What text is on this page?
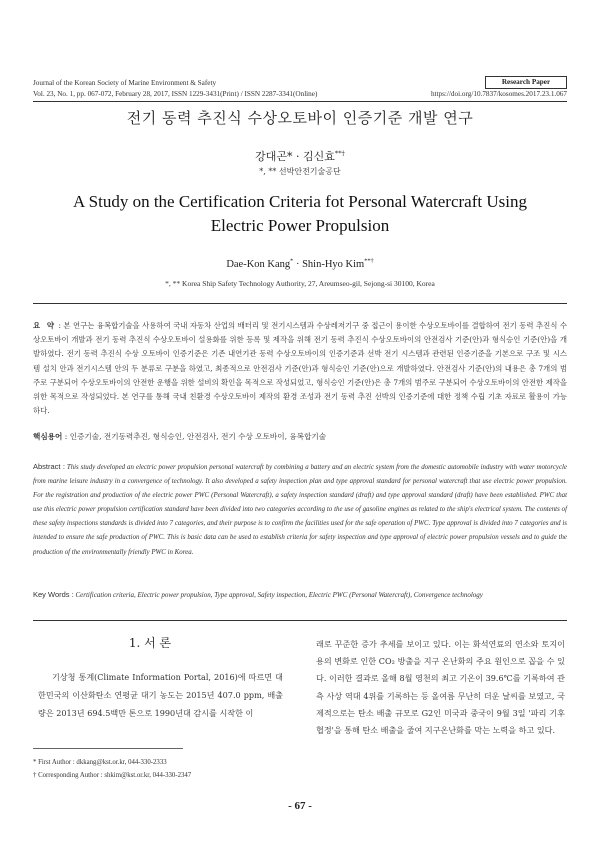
Journal of the Korean Society of Marine Environment & Safety	Research Paper
Vol. 23, No. 1, pp. 067-072, February 28, 2017, ISSN 1229-3431(Print) / ISSN 2287-3341(Online)	https://doi.org/10.7837/kosomes.2017.23.1.067
전기 동력 추진식 수상오토바이 인증기준 개발 연구
강대곤* · 김신효**†
*, ** 선박안전기술공단
A Study on the Certification Criteria fot Personal Watercraft Using Electric Power Propulsion
Dae-Kon Kang* · Shin-Hyo Kim**†
*, ** Korea Ship Safety Technology Authority, 27, Areumseo-gil, Sejong-si 30100, Korea
요 약 : 본 연구는 융복합기술을 사용하여 국내 자동차 산업의 배터리 및 전기시스템과 수상레저기구 중 접근이 용이한 수상오토바이를 결합하여 전기 동력 추진식 수상오토바이 개발과 전기 동력 추진식 수상오토바이 설용화를 위한 등록 및 제작을 위해 전기 동력 추진식 수상오토바이의 안전검사 기준(안)과 형식승인 기준(안)을 개발하였다. 전기 동력 추진식 수상 오토바이 인증기준은 기존 내연기관 동력 수상오토바이의 인증기준과 선박 전기 시스템과 관련된 인증기준을 기본으로 구조 및 시스템 설치 안과 전기시스템 안의 두 분류로 구분을 하였고, 최종적으로 안전검사 기준(안)과 형식승인 기준(안)으로 개발하였다. 안전검사 기준(안)의 내용은 총 7개의 범주로 구분되어 수상오토바이의 안전한 운행을 위한 설비의 확인을 목적으로 작성되었고, 형식승인 기준(안)은 총 7개의 범주로 구분되어 수상오토바이의 안전한 제작을 위한 목적으로 작성되었다. 본 연구를 통해 국내 친환경 수상오토바이 제작의 환경 조성과 전기 동력 추진 선박의 인증기준에 대한 정책 수립 기초 자료로 활용이 가능하다.
핵심용어 : 인증기술, 전기동력추진, 형식승인, 안전검사, 전기 수상 오토바이, 융복합기술
Abstract : This study developed an electric power propulsion personal watercraft by combining a battery and an electric system from the domestic automobile industry with water motorcycle from marine leisure industry in a convergence of technology. It also developed a safety inspection plan and type approval standard for personal watercraft that use electric power propulsion. For the registration and production of the electric power PWC (Personal Watercraft), a safety inspection standard (draft) and type approval standard (draft) have been established. PWC that use this electric power propulsion certification standard have been divided into two categories according to the use of gasoline engines as related to the ship's electrical system. The contents of these safety inspections standards is divided into 7 categories, and their purpose is to confirm the facilities used for the safe operation of PWC. Type approval is divided into 7 categories and is intended to ensure the safe production of PWC. This is basic data can be used to establish criteria for safety inspection and type approval of electric power propulsion vessels and to guide the production of the environmentally friendly PWC in Korea.
Key Words : Certification criteria, Electric power propulsion, Type approval, Safety inspection, Electric PWC (Personal Watercraft), Convergence technology
1. 서 론
기상청 통계(Climate Information Portal, 2016)에 따르면 대한민국의 이산화탄소 연평균 대기 농도는 2015년 407.0 ppm, 배출량은 2013년 694.5백만 톤으로 1990년대 감시를 시작한 이
래로 꾸준한 증가 추세를 보이고 있다. 이는 화석연료의 연소와 토지이용의 변화로 인한 CO₂ 방출을 지구 온난화의 주요 원인으로 꼽을 수 있다. 이러한 결과로 올해 8월 영천의 최고 기온이 39.6℃를 기록하여 관측 사상 역대 4위를 기록하는 등 올여름 무난히 더운 날씨를 보였고, 국제적으로는 탄소 배출 규모로 G2인 미국과 중국이 9월 3일 '파리 기후협정'을 통해 탄소 배출을 줄여 지구온난화를 막는 노력을 하고 있다.
* First Author : dkkang@kst.or.kr, 044-330-2333
† Corresponding Author : shkim@kst.or.kr, 044-330-2347
- 67 -
